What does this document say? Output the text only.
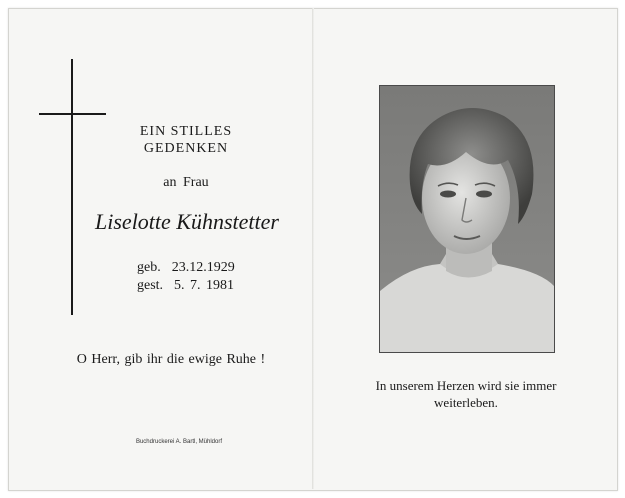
EIN STILLES
GEDENKEN
an Frau
Liselotte Kühnstetter
geb.  23.12.1929
gest.  5. 7. 1981
O Herr, gib ihr die ewige Ruhe !
Buchdruckerei A. Bartl, Mühldorf
In unserem Herzen wird sie immer
weiterleben.
